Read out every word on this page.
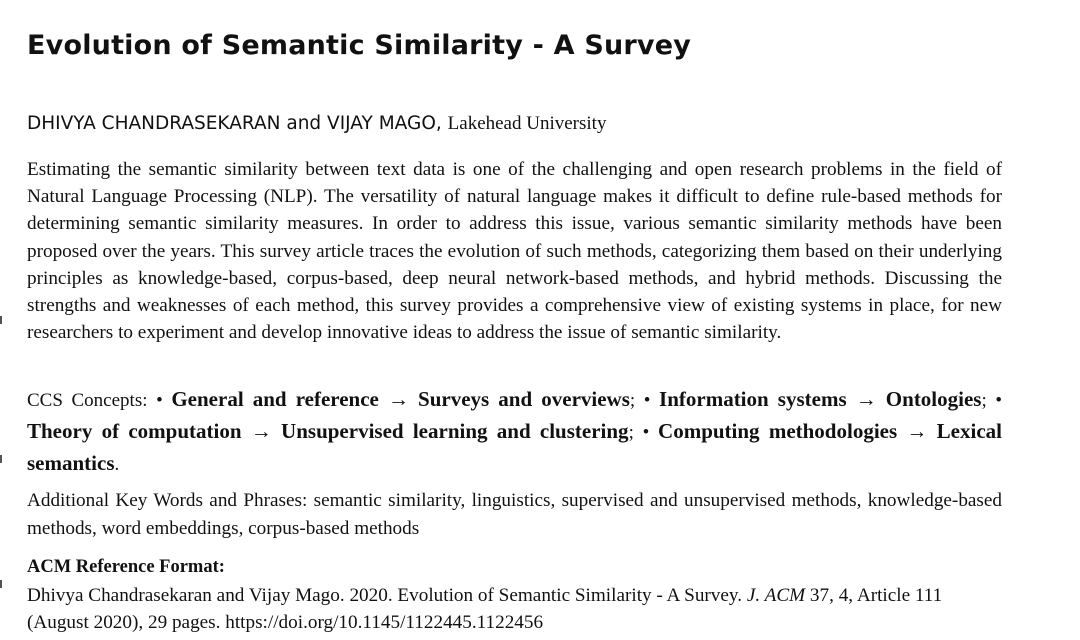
Evolution of Semantic Similarity - A Survey
DHIVYA CHANDRASEKARAN and VIJAY MAGO, Lakehead University

Estimating the semantic similarity between text data is one of the challenging and open research problems in the field of Natural Language Processing (NLP). The versatility of natural language makes it difficult to define rule-based methods for determining semantic similarity measures. In order to address this issue, various semantic similarity methods have been proposed over the years. This survey article traces the evolution of such methods, categorizing them based on their underlying principles as knowledge-based, corpus-based, deep neural network-based methods, and hybrid methods. Discussing the strengths and weaknesses of each method, this survey provides a comprehensive view of existing systems in place, for new researchers to experiment and develop innovative ideas to address the issue of semantic similarity.

CCS Concepts: • General and reference → Surveys and overviews; • Information systems → Ontologies; • Theory of computation → Unsupervised learning and clustering; • Computing methodologies → Lexical semantics.

Additional Key Words and Phrases: semantic similarity, linguistics, supervised and unsupervised methods, knowledge-based methods, word embeddings, corpus-based methods

ACM Reference Format:

Dhivya Chandrasekaran and Vijay Mago. 2020. Evolution of Semantic Similarity - A Survey. J. ACM 37, 4, Article 111 (August 2020), 29 pages. https://doi.org/10.1145/1122445.1122456
